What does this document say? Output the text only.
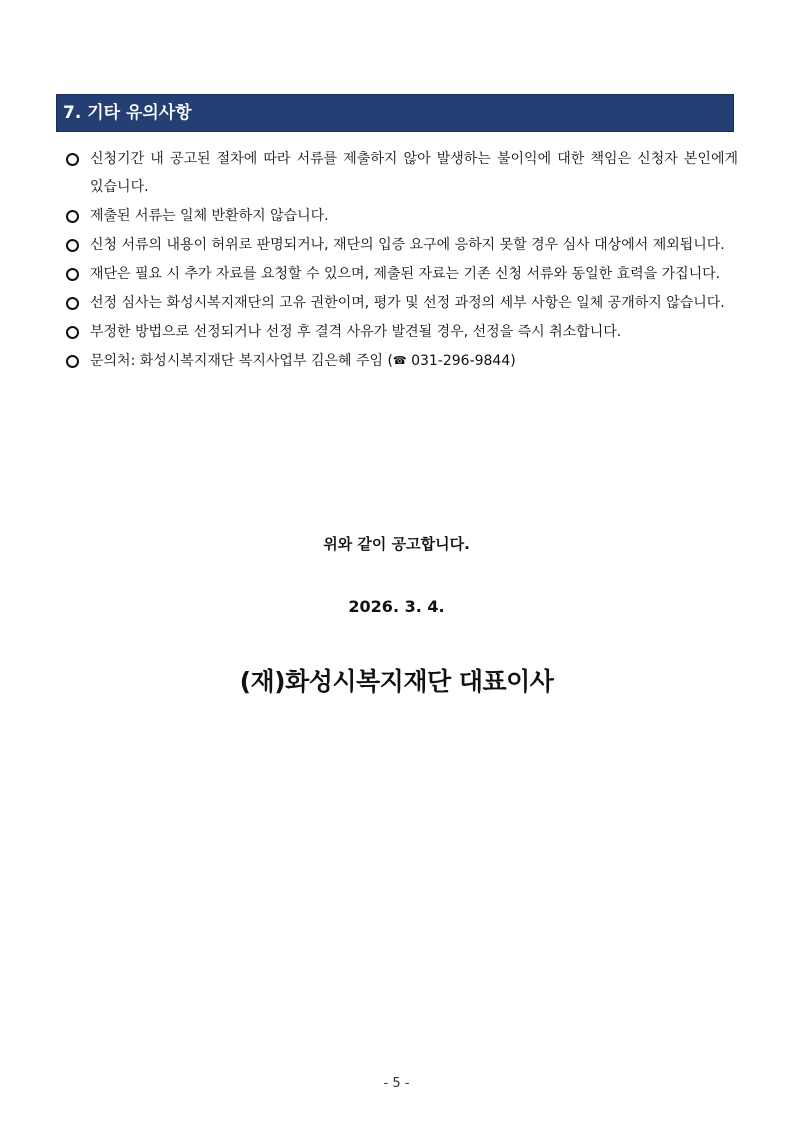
7. 기타 유의사항
신청기간 내 공고된 절차에 따라 서류를 제출하지 않아 발생하는 불이익에 대한 책임은 신청자 본인에게 있습니다.
제출된 서류는 일체 반환하지 않습니다.
신청 서류의 내용이 허위로 판명되거나, 재단의 입증 요구에 응하지 못할 경우 심사 대상에서 제외됩니다.
재단은 필요 시 추가 자료를 요청할 수 있으며, 제출된 자료는 기존 신청 서류와 동일한 효력을 가집니다.
선정 심사는 화성시복지재단의 고유 권한이며, 평가 및 선정 과정의 세부 사항은 일체 공개하지 않습니다.
부정한 방법으로 선정되거나 선정 후 결격 사유가 발견될 경우, 선정을 즉시 취소합니다.
문의처: 화성시복지재단 복지사업부 김은혜 주임 (☎ 031-296-9844)
위와 같이 공고합니다.
2026. 3. 4.
(재)화성시복지재단 대표이사
- 5 -
